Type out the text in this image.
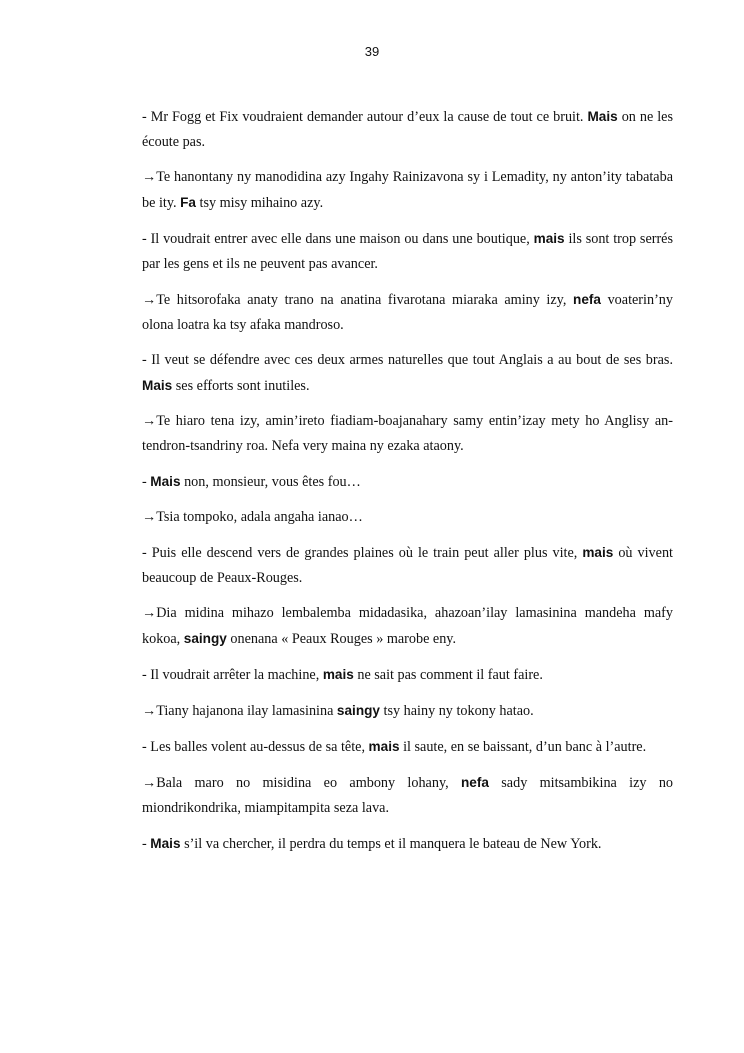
39

- Mr Fogg et Fix voudraient demander autour d’eux la cause de tout ce bruit. Mais on ne les écoute pas.

→Te hanontany ny manodidina azy Ingahy Rainizavona sy i Lemadity, ny anton’ity tabataba be ity. Fa tsy misy mihaino azy.

- Il voudrait entrer avec elle dans une maison ou dans une boutique, mais ils sont trop serrés par les gens et ils ne peuvent pas avancer.

→Te hitsorofaka anaty trano na anatina fivarotana miaraka aminy izy, nefa voaterin’ny olona loatra ka tsy afaka mandroso.

- Il veut se défendre avec ces deux armes naturelles que tout Anglais a au bout de ses bras. Mais ses efforts sont inutiles.

→Te hiaro tena izy, amin’ireto fiadiam-boajanahary samy entin’izay mety ho Anglisy an-tendron-tsandriny roa. Nefa very maina ny ezaka ataony.

- Mais non, monsieur, vous êtes fou…

→Tsia tompoko, adala angaha ianao…

- Puis elle descend vers de grandes plaines où le train peut aller plus vite, mais où vivent beaucoup de Peaux-Rouges.

→Dia midina mihazo lembalemba midadasika, ahazoan’ilay lamasinina mandeha mafy kokoa, saingy onenana « Peaux Rouges » marobe eny.

- Il voudrait arrêter la machine, mais ne sait pas comment il faut faire.

→Tiany hajanona ilay lamasinina saingy tsy hainy ny tokony hatao.

- Les balles volent au-dessus de sa tête, mais il saute, en se baissant, d’un banc à l’autre.

→Bala maro no misidina eo ambony lohany, nefa sady mitsambikina izy no miondrikondrika, miampitampita seza lava.

- Mais s’il va chercher, il perdra du temps et il manquera le bateau de New York.
